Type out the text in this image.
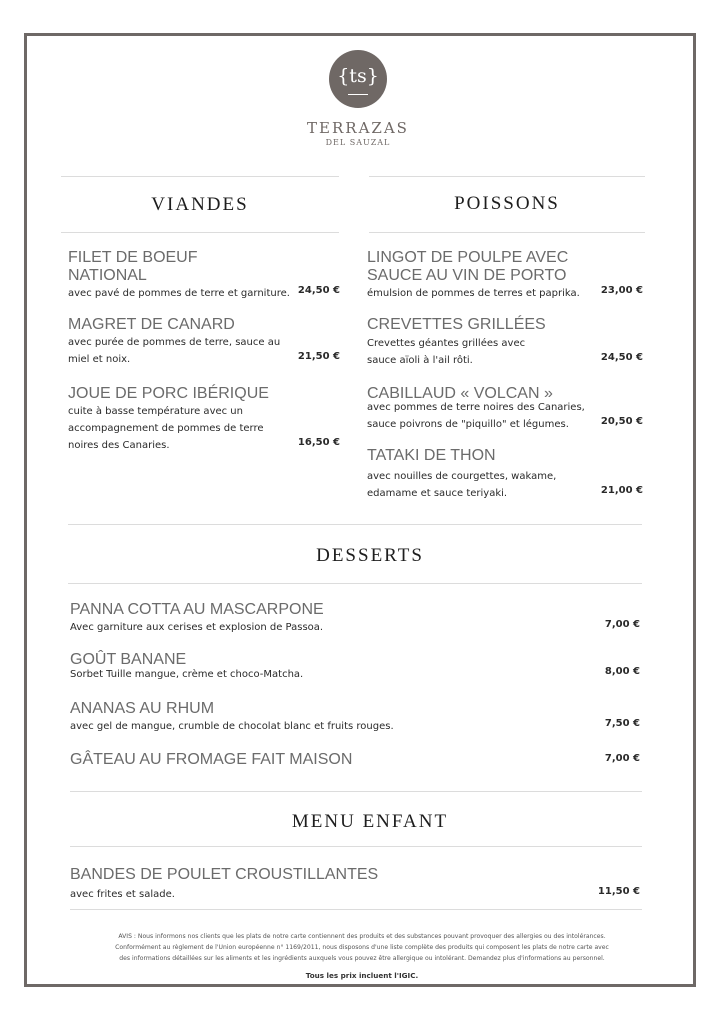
{ts}
TERRAZAS
DEL SAUZAL
VIANDES
FILET DE BOEUF
NATIONAL
avec pavé de pommes de terre et garniture. 24,50 €
MAGRET DE CANARD
avec purée de pommes de terre, sauce au
miel et noix.	21,50 €
JOUE DE PORC IBÉRIQUE
cuite à basse température avec un
accompagnement de pommes de terre
noires des Canaries.	16,50 €
POISSONS
LINGOT DE POULPE AVEC
SAUCE AU VIN DE PORTO
émulsion de pommes de terres et paprika.	23,00 €
CREVETTES GRILLÉES
Crevettes géantes grillées avec
sauce aïoli à l'ail rôti.	24,50 €
CABILLAUD « VOLCAN »
avec pommes de terre noires des Canaries,
sauce poivrons de "piquillo" et légumes.	20,50 €
TATAKI DE THON
avec nouilles de courgettes, wakame,
edamame et sauce teriyaki.	21,00 €
DESSERTS
PANNA COTTA AU MASCARPONE
Avec garniture aux cerises et explosion de Passoa.	7,00 €
GOÛT BANANE
Sorbet Tuille mangue, crème et choco-Matcha.	8,00 €
ANANAS AU RHUM
avec gel de mangue, crumble de chocolat blanc et fruits rouges.	7,50 €
GÂTEAU AU FROMAGE FAIT MAISON	7,00 €
MENU ENFANT
BANDES DE POULET CROUSTILLANTES
avec frites et salade.	11,50 €
AVIS : Nous informons nos clients que les plats de notre carte contiennent des produits et des substances pouvant provoquer des allergies ou des intolérances.
Conformément au règlement de l'Union européenne n° 1169/2011, nous disposons d'une liste complète des produits qui composent les plats de notre carte avec
des informations détaillées sur les aliments et les ingrédients auxquels vous pouvez être allergique ou intolérant. Demandez plus d'informations au personnel.
Tous les prix incluent l'IGIC.
